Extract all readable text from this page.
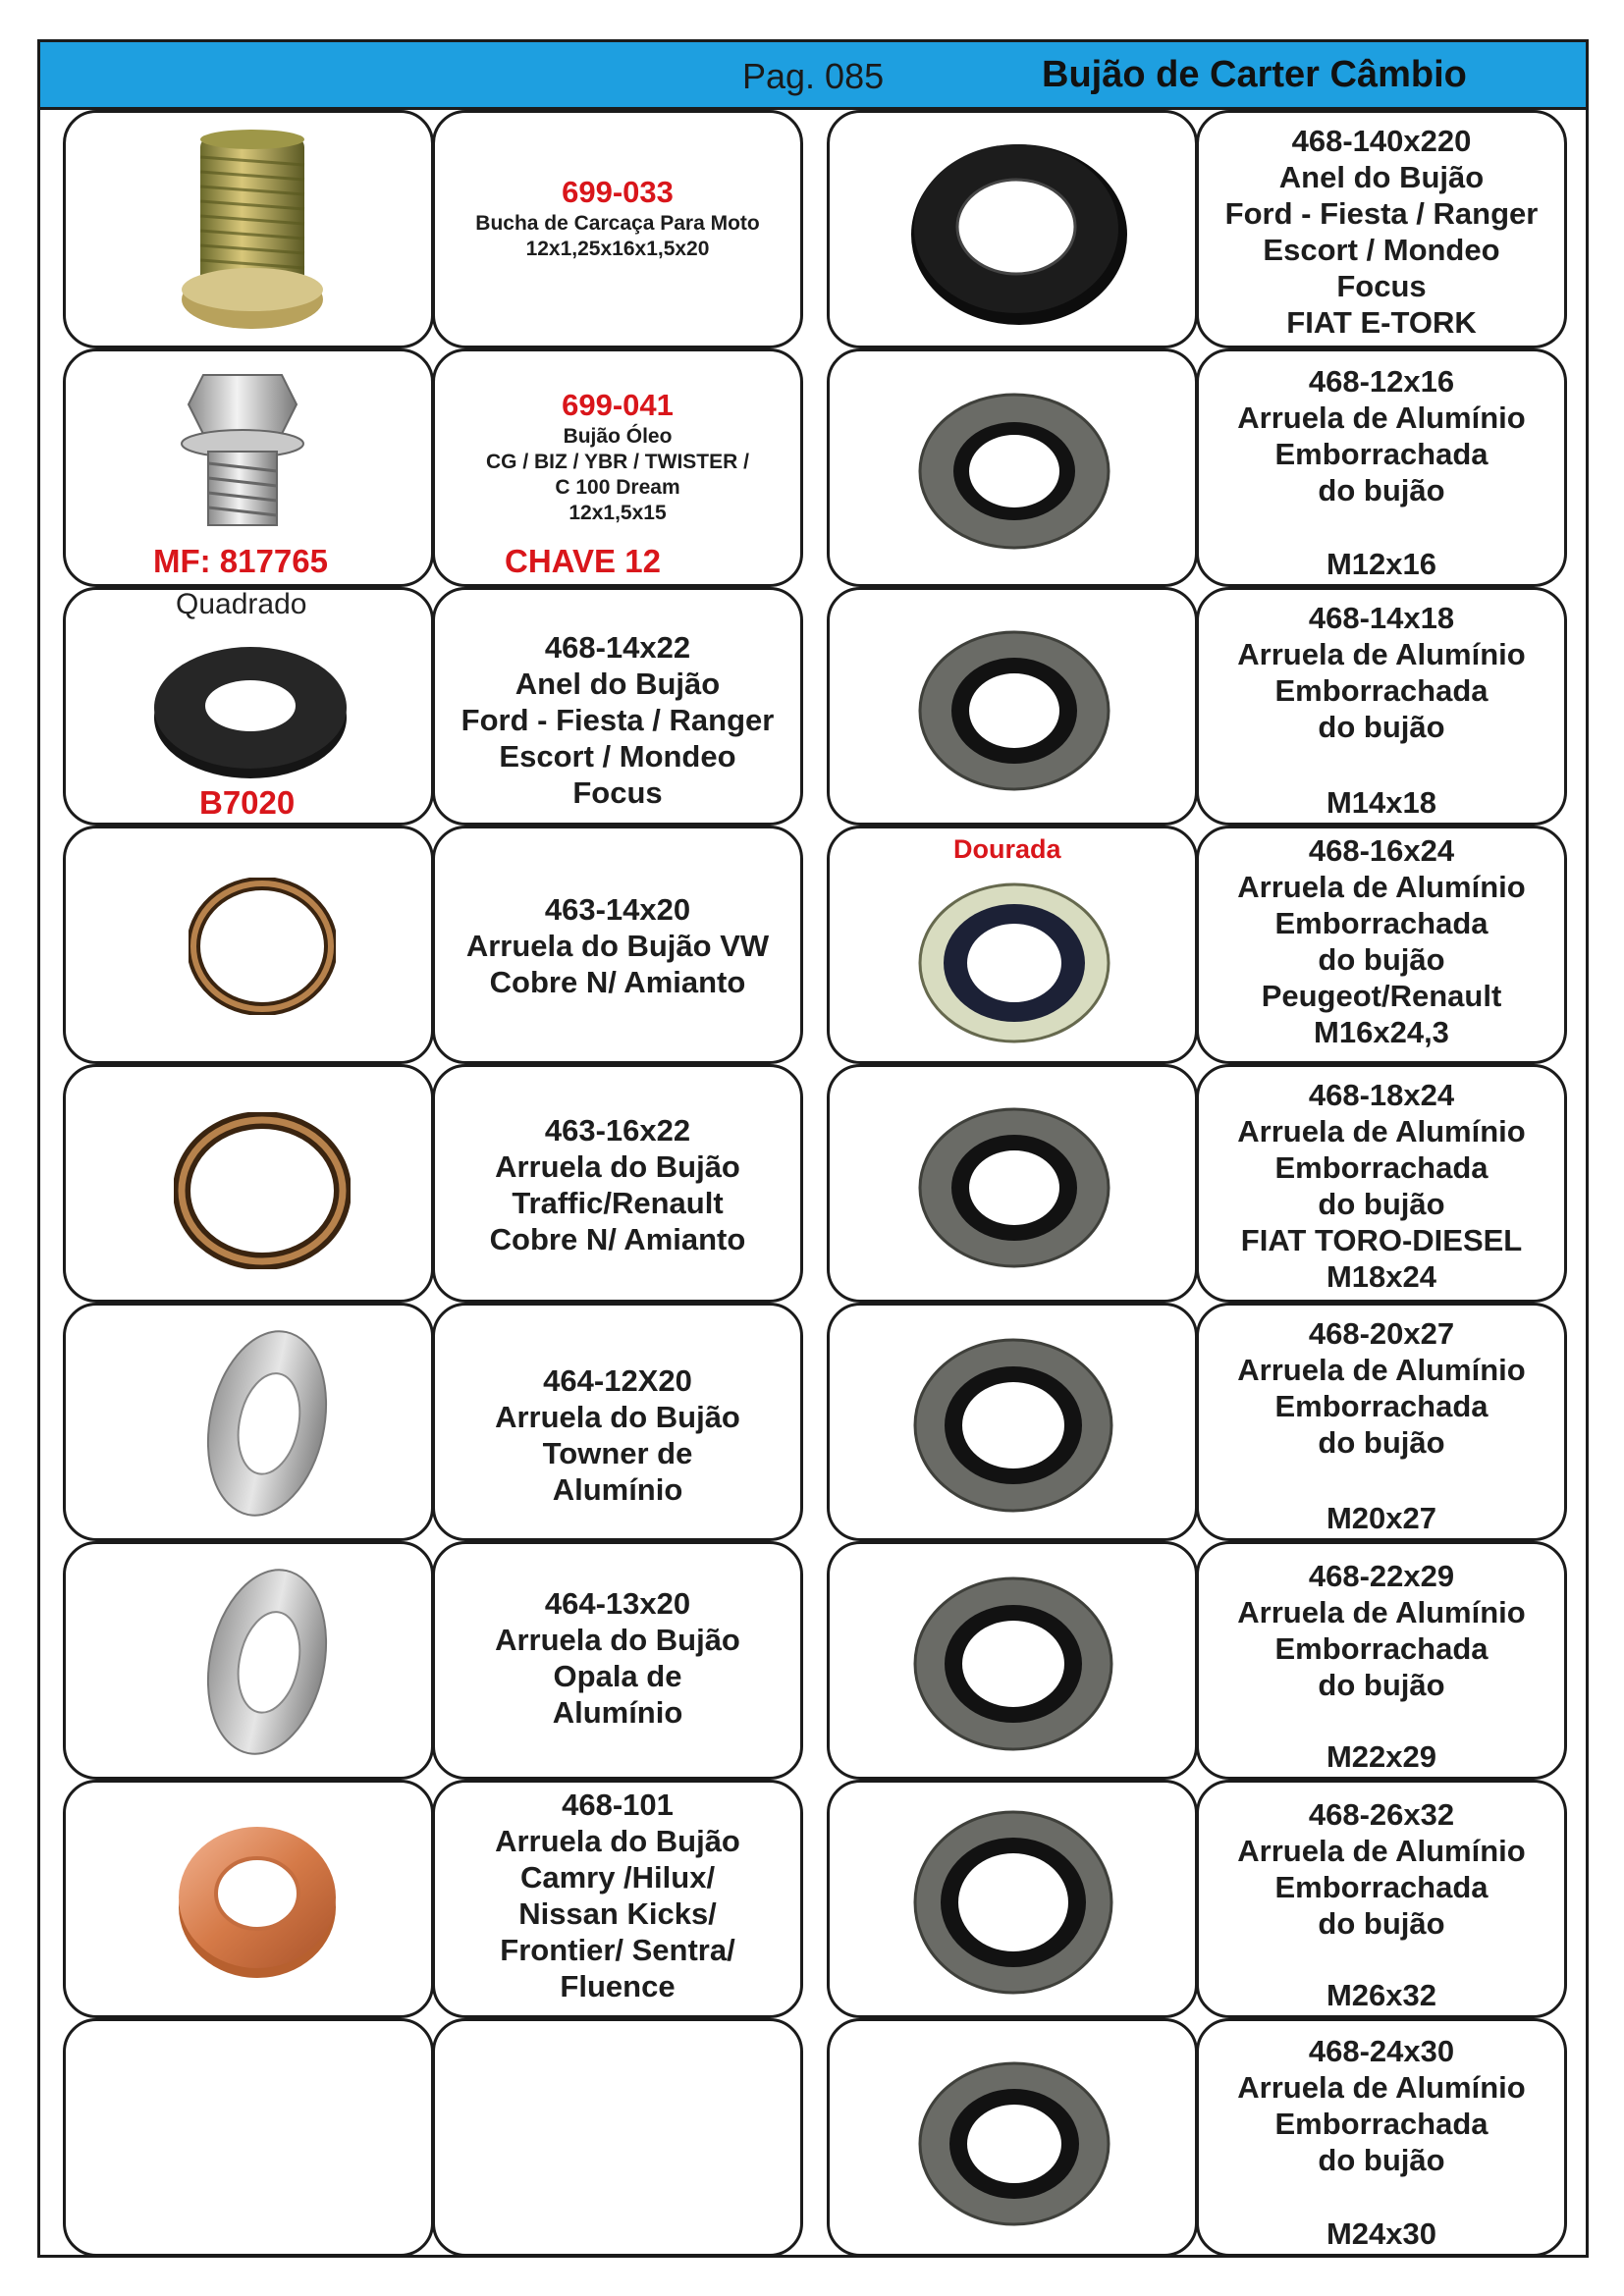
Pag. 085	Bujão de Carter Câmbio
699-033
Bucha de Carcaça Para Moto
12x1,25x16x1,5x20
699-041
Bujão Óleo
CG / BIZ / YBR / TWISTER /
C 100 Dream
12x1,5x15
MF: 817765	CHAVE 12
Quadrado
B7020
468-14x22
Anel do Bujão
Ford - Fiesta / Ranger
Escort / Mondeo
Focus
463-14x20
Arruela do Bujão VW
Cobre N/ Amianto
463-16x22
Arruela do Bujão
Traffic/Renault
Cobre N/ Amianto
464-12X20
Arruela do Bujão
Towner de
Alumínio
464-13x20
Arruela do Bujão
Opala de
Alumínio
468-101
Arruela do Bujão
Camry /Hilux/
Nissan Kicks/
Frontier/ Sentra/
Fluence
468-140x220
Anel do Bujão
Ford - Fiesta / Ranger
Escort / Mondeo
Focus
FIAT E-TORK
468-12x16
Arruela de Alumínio
Emborrachada
do bujão
M12x16
468-14x18
Arruela de Alumínio
Emborrachada
do bujão
M14x18
Dourada	468-16x24
Arruela de Alumínio
Emborrachada
do bujão
Peugeot/Renault
M16x24,3
468-18x24
Arruela de Alumínio
Emborrachada
do bujão
FIAT TORO-DIESEL
M18x24
468-20x27
Arruela de Alumínio
Emborrachada
do bujão
M20x27
468-22x29
Arruela de Alumínio
Emborrachada
do bujão
M22x29
468-26x32
Arruela de Alumínio
Emborrachada
do bujão
M26x32
468-24x30
Arruela de Alumínio
Emborrachada
do bujão
M24x30
